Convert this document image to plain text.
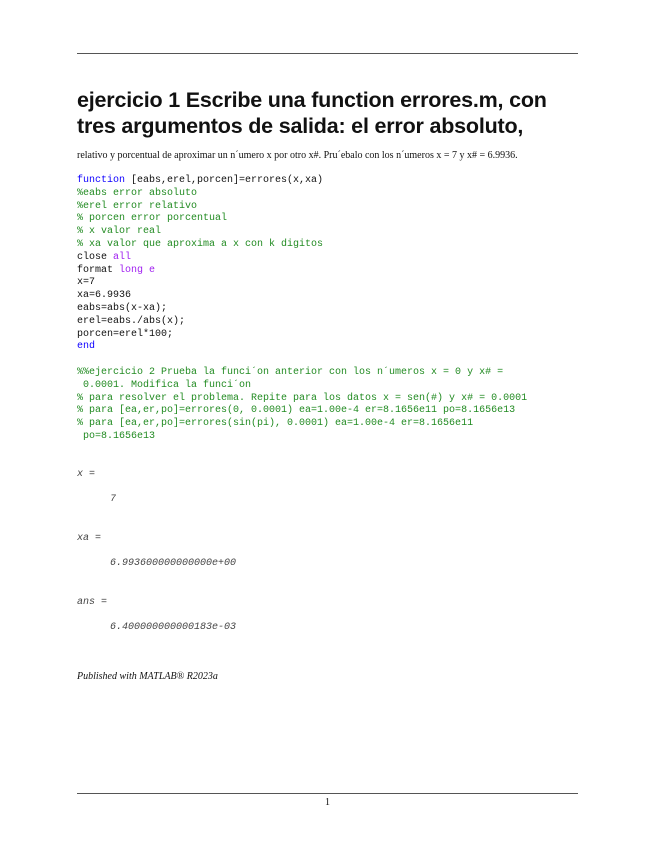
ejercicio 1 Escribe una function errores.m, con tres argumentos de salida: el error absoluto,
relativo y porcentual de aproximar un n´umero x por otro x#. Pru´ebalo con los n´umeros x = 7 y x# = 6.9936.
function [eabs,erel,porcen]=errores(x,xa)
%eabs error absoluto
%erel error relativo
% porcen error porcentual
% x valor real
% xa valor que aproxima a x con k digitos
close all
format long e
x=7
xa=6.9936
eabs=abs(x-xa);
erel=eabs./abs(x);
porcen=erel*100;
end
%%ejercicio 2 Prueba la funci´on anterior con los n´umeros x = 0 y x# =
0.0001. Modifica la funci´on
% para resolver el problema. Repite para los datos x = sen(#) y x# = 0.0001
% para [ea,er,po]=errores(0, 0.0001) ea=1.00e-4 er=8.1656e11 po=8.1656e13
% para [ea,er,po]=errores(sin(pi), 0.0001) ea=1.00e-4 er=8.1656e11
po=8.1656e13
x =
7
xa =
6.993600000000000e+00
ans =
6.400000000000183e-03
Published with MATLAB® R2023a
1
